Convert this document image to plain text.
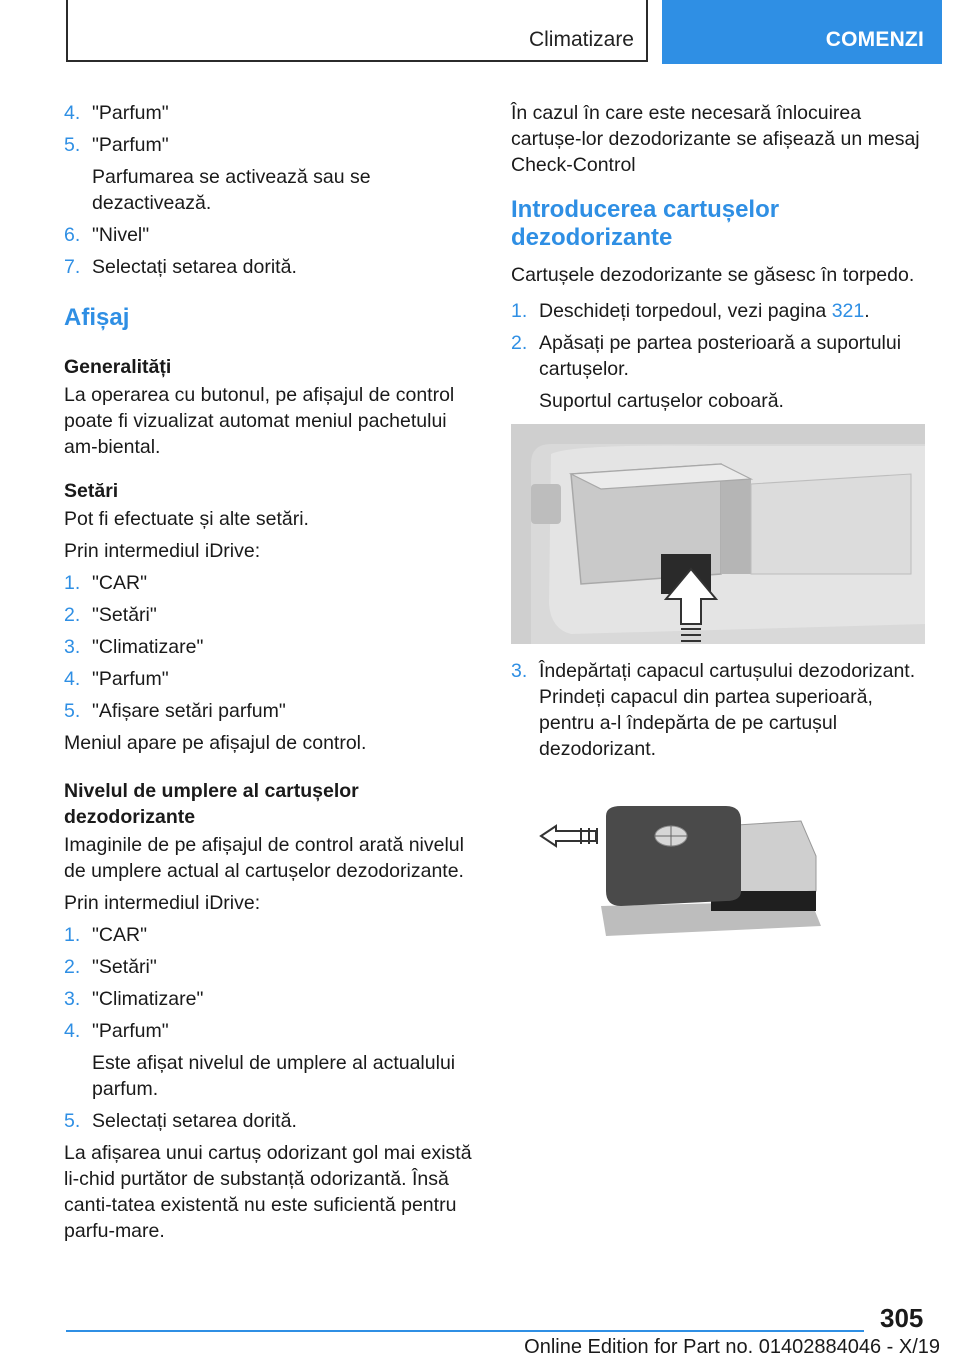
Climatizare	COMENZI
4. "Parfum"
5. "Parfum"
Parfumarea se activează sau se dezactivează.
6. "Nivel"
7. Selectați setarea dorită.
Afișaj
Generalități

La operarea cu butonul, pe afișajul de control poate fi vizualizat automat meniul pachetului am-biental.

Setări

Pot fi efectuate și alte setări.

Prin intermediul iDrive:

1. "CAR"
2. "Setări"
3. "Climatizare"
4. "Parfum"
5. "Afișare setări parfum"

Meniul apare pe afișajul de control.

Nivelul de umplere al cartușelor dezodorizante

Imaginile de pe afișajul de control arată nivelul de umplere actual al cartușelor dezodorizante.

Prin intermediul iDrive:

1. "CAR"
2. "Setări"
3. "Climatizare"
4. "Parfum"
Este afișat nivelul de umplere al actualului parfum.
5. Selectați setarea dorită.

La afișarea unui cartuș odorizant gol mai există li-chid purtător de substanță odorizantă. Însă canti-tatea existentă nu este suficientă pentru parfu-mare.

În cazul în care este necesară înlocuirea cartușe-lor dezodorizante se afișează un mesaj Check-Control

Introducerea cartușelor dezodorizante

Cartușele dezodorizante se găsesc în torpedo.

1. Deschideți torpedoul, vezi pagina 321.
2. Apăsați pe partea posterioară a suportului cartușelor.
Suportul cartușelor coboară.
3. Îndepărtați capacul cartușului dezodorizant. Prindeți capacul din partea superioară, pentru a-l îndepărta de pe cartușul dezodorizant.
305
Online Edition for Part no. 01402884046 - X/19
